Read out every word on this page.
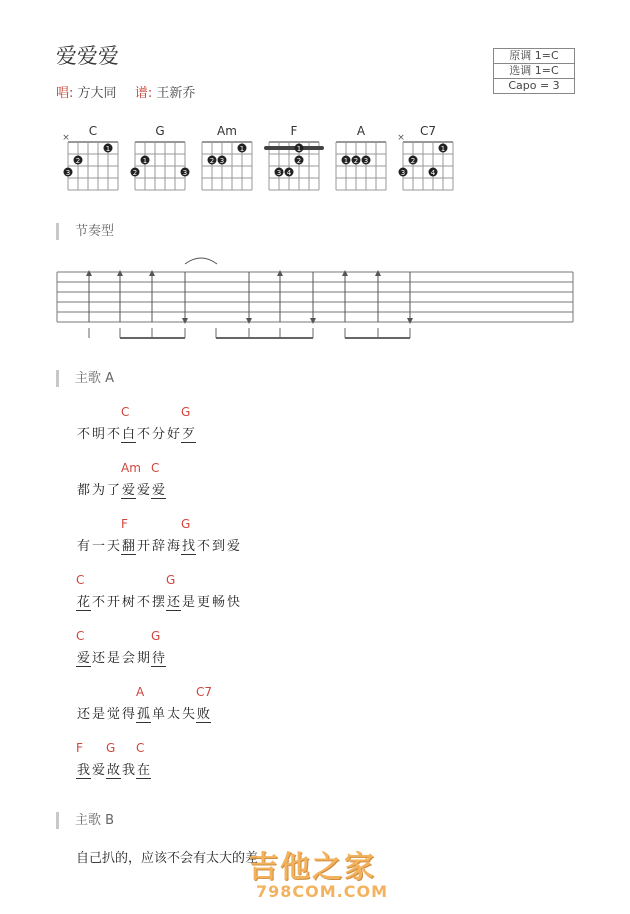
爱爱爱
唱: 方大同 谱: 王新乔
原调 1=C
选调 1=C
Capo = 3
C
×
1
2
3
G
1
2	3
Am
1
2 3
F
1
2
3 4
A
1 2 3
C7
×
1
2
3	4
节奏型
主歌 A
C	G
不 明 不 白 不 分 好 歹
Am C
都 为 了 爱 爱 爱
F	G
有 一 天 翻 开 辞 海 找 不 到 爱
C	G
花 不 开 树 不 摆 还 是 更 畅 快
C	G
爱 还 是 会 期 待
A	C7
还 是 觉 得 孤 单 太 失 败
F G C
我 爱 故 我 在
主歌 B
自己扒的，应该不会有太大的差
吉他之家
798COM.COM
